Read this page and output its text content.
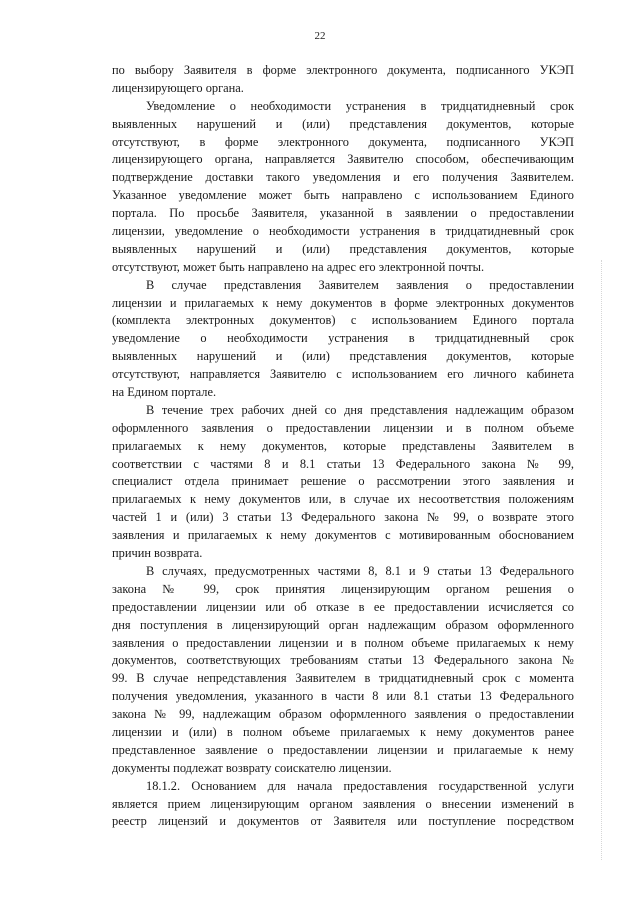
22
по выбору Заявителя в форме электронного документа, подписанного УКЭП
лицензирующего органа.
Уведомление о необходимости устранения в тридцатидневный срок
выявленных нарушений и (или) представления документов, которые
отсутствуют, в форме электронного документа, подписанного УКЭП
лицензирующего органа, направляется Заявителю способом, обеспечивающим
подтверждение доставки такого уведомления и его получения Заявителем.
Указанное уведомление может быть направлено с использованием Единого
портала. По просьбе Заявителя, указанной в заявлении о предоставлении
лицензии, уведомление о необходимости устранения в тридцатидневный срок
выявленных нарушений и (или) представления документов, которые
отсутствуют, может быть направлено на адрес его электронной почты.
В случае представления Заявителем заявления о предоставлении
лицензии и прилагаемых к нему документов в форме электронных документов
(комплекта электронных документов) с использованием Единого портала
уведомление о необходимости устранения в тридцатидневный срок
выявленных нарушений и (или) представления документов, которые
отсутствуют, направляется Заявителю с использованием его личного кабинета
на Едином портале.
В течение трех рабочих дней со дня представления надлежащим образом
оформленного заявления о предоставлении лицензии и в полном объеме
прилагаемых к нему документов, которые представлены Заявителем в
соответствии с частями 8 и 8.1 статьи 13 Федерального закона № 99,
специалист отдела принимает решение о рассмотрении этого заявления и
прилагаемых к нему документов или, в случае их несоответствия положениям
частей 1 и (или) 3 статьи 13 Федерального закона № 99, о возврате этого
заявления и прилагаемых к нему документов с мотивированным обоснованием
причин возврата.
В случаях, предусмотренных частями 8, 8.1 и 9 статьи 13 Федерального
закона № 99, срок принятия лицензирующим органом решения о
предоставлении лицензии или об отказе в ее предоставлении исчисляется со
дня поступления в лицензирующий орган надлежащим образом оформленного
заявления о предоставлении лицензии и в полном объеме прилагаемых к нему
документов, соответствующих требованиям статьи 13 Федерального закона №
99. В случае непредставления Заявителем в тридцатидневный срок с момента
получения уведомления, указанного в части 8 или 8.1 статьи 13 Федерального
закона № 99, надлежащим образом оформленного заявления о предоставлении
лицензии и (или) в полном объеме прилагаемых к нему документов ранее
представленное заявление о предоставлении лицензии и прилагаемые к нему
документы подлежат возврату соискателю лицензии.
18.1.2. Основанием для начала предоставления государственной услуги
является прием лицензирующим органом заявления о внесении изменений в
реестр лицензий и документов от Заявителя или поступление посредством
